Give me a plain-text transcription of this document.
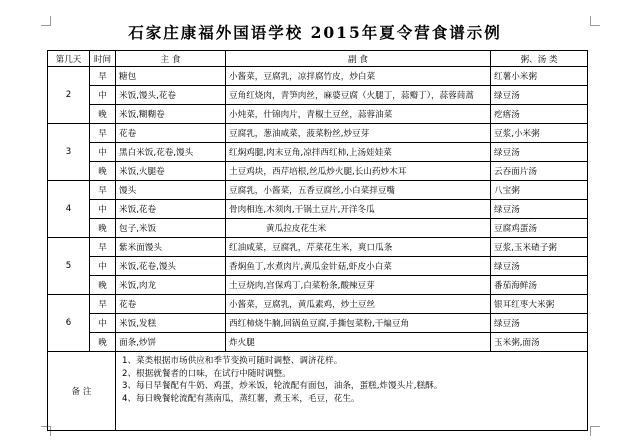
石家庄康福外国语学校 2015年夏令营食谱示例
第几天	时间	主 食	副 食	粥、汤 类
2	早	糖包	小酱菜，豆腐乳，凉拌腐竹皮，炒白菜	红薯小米粥
	中	米饭,馒头,花卷	豆角红烧肉，青笋肉丝，麻婆豆腐（火腿丁，蒜瓣丁），蒜蓉茼蒿	绿豆汤
	晚	米饭,糊糊卷	小炖菜，什锦肉片，青椒土豆丝，蒜蓉油菜	疙瘩汤
3	早	花卷	豆腐乳，葱油咸菜，菠菜粉丝,炒豆芽	豆浆,小米粥
	中	黑白米饭,花卷,馒头	红焖鸡腿,肉末豆角,凉拌西红柿,上汤娃娃菜	绿豆汤
	晚	米饭,火腿卷	土豆鸡块，西芹培根,丝瓜炒火腿,长山药炒木耳	云吞面片汤
4	早	馒头	豆腐乳，小酱菜，五香豆腐丝,小白菜拌豆嘴	八宝粥
	中	米饭,花卷	骨肉相连,木须肉,干锅土豆片,开洋冬瓜	绿豆汤
	晚	包子,米饭	黄瓜拉皮花生米	豆腐鸡蛋汤
5	早	紫米面馒头	红油咸菜，豆腐乳，芹菜花生米，爽口瓜条	豆浆,玉米碴子粥
	中	米饭,花卷,馒头	香焖鱼丁,水煮肉片,黄瓜金针菇,虾皮小白菜	绿豆汤
	晚	米饭,肉龙	土豆烧肉,宫保鸡丁,白菜粉条,酸辣豆芽	番茄海鲜汤
6	早	花卷	小酱菜，豆腐乳，黄瓜素鸡，炒土豆丝	银耳红枣大米粥
	中	米饭,发糕	西红柿烧牛腩,回锅鱼豆腐,手撕包菜粉,干煸豆角	绿豆汤
	晚	面条,炒饼	炸火腿	玉米粥,面汤
备 注		1、菜类根据市场供应和季节变换可随时调整、调济花样。
2、根据就餐者的口味，在试行中随时调整。
3、每日早餐配有牛奶、鸡蛋，炒米饭，轮流配有面包，油条，蛋糕,炸馒头片,糕酥。
4、每日晚餐轮流配有蒸南瓜，蒸红薯，煮玉米，毛豆，花生。		
